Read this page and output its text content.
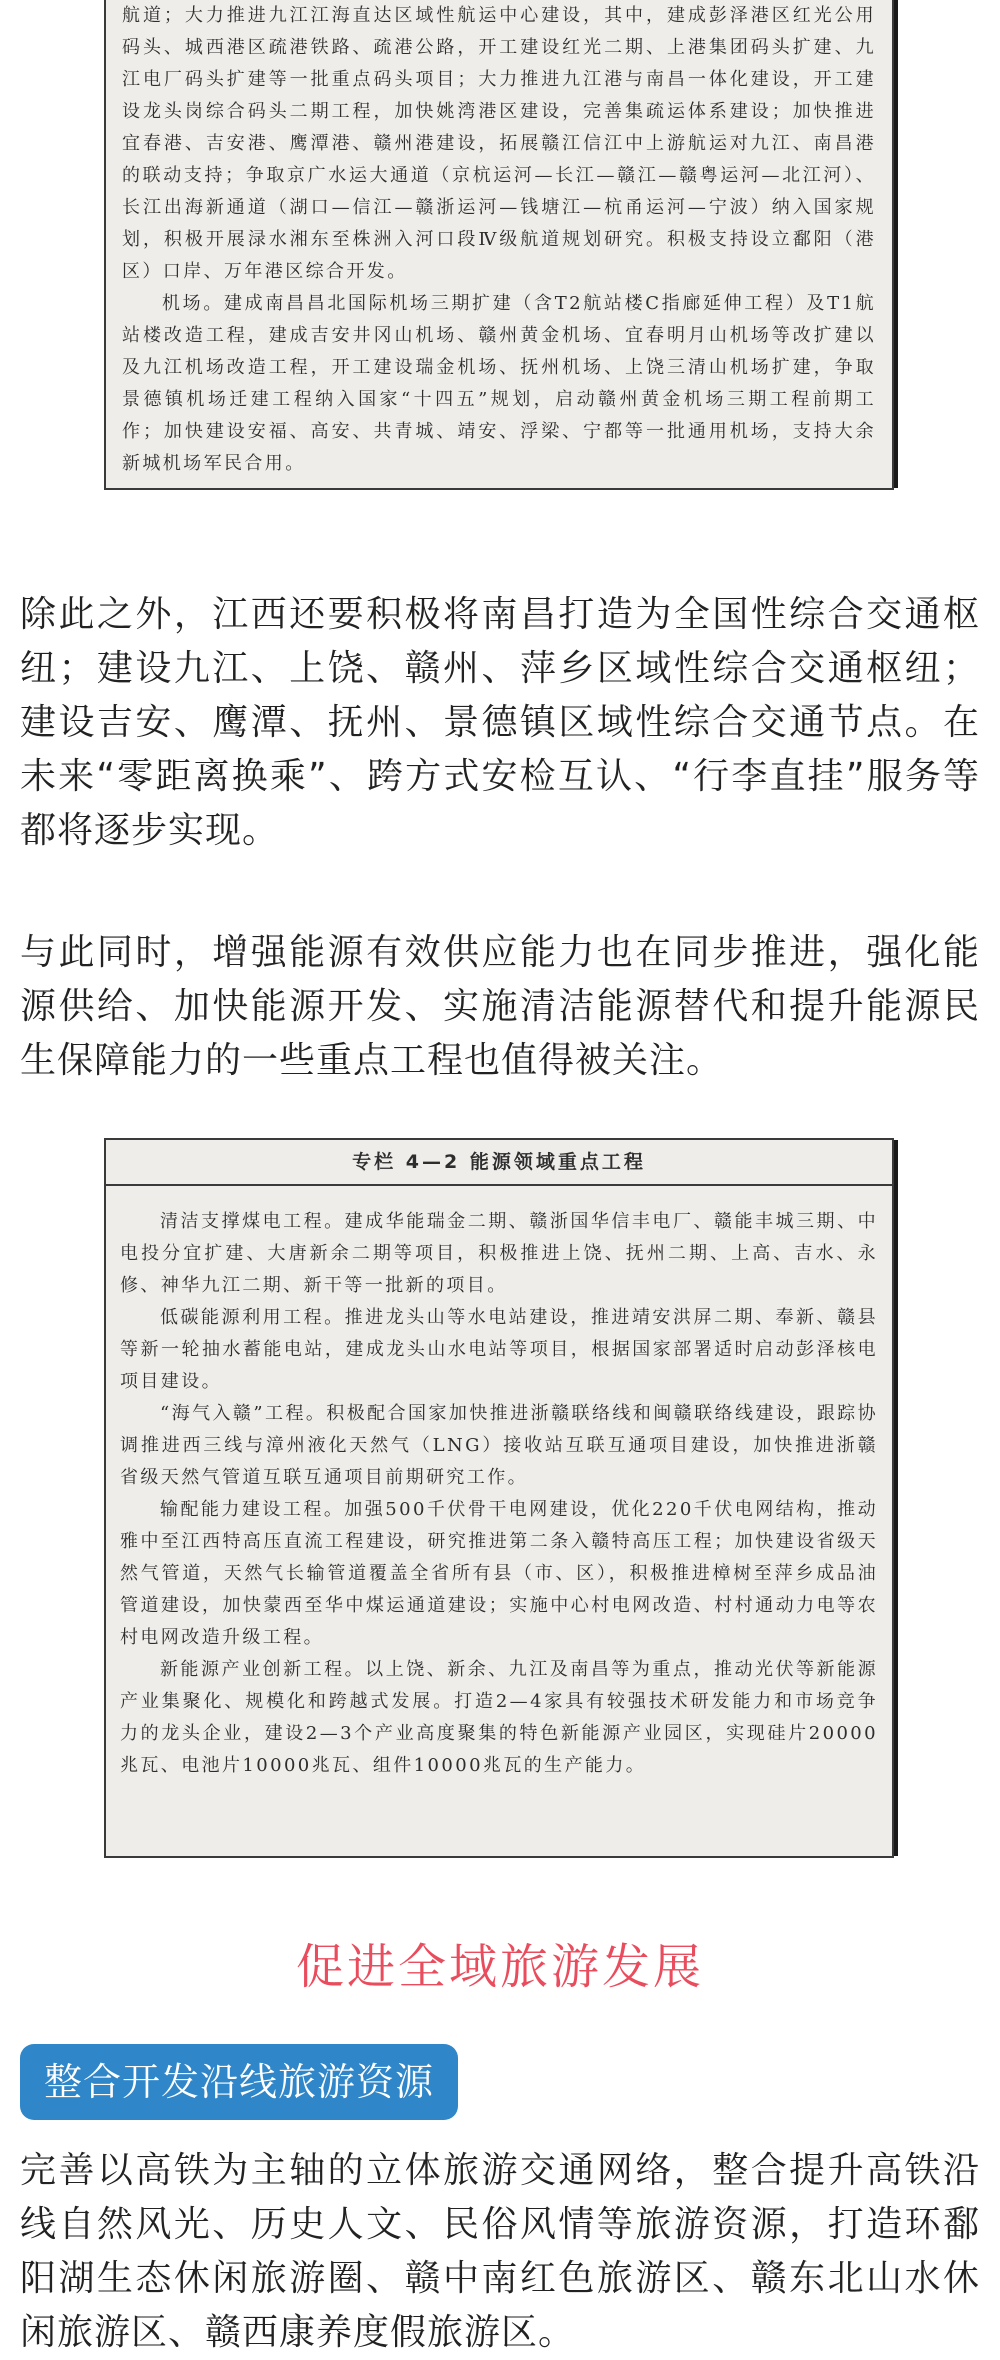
航道；大力推进九江江海直达区域性航运中心建设，其中，建成彭泽港区红光公用码头、城西港区疏港铁路、疏港公路，开工建设红光二期、上港集团码头扩建、九江电厂码头扩建等一批重点码头项目；大力推进九江港与南昌一体化建设，开工建设龙头岗综合码头二期工程，加快姚湾港区建设，完善集疏运体系建设；加快推进宜春港、吉安港、鹰潭港、赣州港建设，拓展赣江信江中上游航运对九江、南昌港的联动支持；争取京广水运大通道（京杭运河—长江—赣江—赣粤运河—北江河）、长江出海新通道（湖口—信江—赣浙运河—钱塘江—杭甬运河—宁波）纳入国家规划，积极开展渌水湘东至株洲入河口段Ⅳ级航道规划研究。积极支持设立鄱阳（港区）口岸、万年港区综合开发。

机场。建成南昌昌北国际机场三期扩建（含T2航站楼C指廊延伸工程）及T1航站楼改造工程，建成吉安井冈山机场、赣州黄金机场、宜春明月山机场等改扩建以及九江机场改造工程，开工建设瑞金机场、抚州机场、上饶三清山机场扩建，争取景德镇机场迁建工程纳入国家“十四五”规划，启动赣州黄金机场三期工程前期工作；加快建设安福、高安、共青城、靖安、浮梁、宁都等一批通用机场，支持大余新城机场军民合用。

除此之外，江西还要积极将南昌打造为全国性综合交通枢纽；建设九江、上饶、赣州、萍乡区域性综合交通枢纽；建设吉安、鹰潭、抚州、景德镇区域性综合交通节点。在未来“零距离换乘”、跨方式安检互认、“行李直挂”服务等都将逐步实现。

与此同时，增强能源有效供应能力也在同步推进，强化能源供给、加快能源开发、实施清洁能源替代和提升能源民生保障能力的一些重点工程也值得被关注。

专栏 4—2 能源领域重点工程

清洁支撑煤电工程。建成华能瑞金二期、赣浙国华信丰电厂、赣能丰城三期、中电投分宜扩建、大唐新余二期等项目，积极推进上饶、抚州二期、上高、吉水、永修、神华九江二期、新干等一批新的项目。

低碳能源利用工程。推进龙头山等水电站建设，推进靖安洪屏二期、奉新、赣县等新一轮抽水蓄能电站，建成龙头山水电站等项目，根据国家部署适时启动彭泽核电项目建设。

“海气入赣”工程。积极配合国家加快推进浙赣联络线和闽赣联络线建设，跟踪协调推进西三线与漳州液化天然气（LNG）接收站互联互通项目建设，加快推进浙赣省级天然气管道互联互通项目前期研究工作。

输配能力建设工程。加强500千伏骨干电网建设，优化220千伏电网结构，推动雅中至江西特高压直流工程建设，研究推进第二条入赣特高压工程；加快建设省级天然气管道，天然气长输管道覆盖全省所有县（市、区），积极推进樟树至萍乡成品油管道建设，加快蒙西至华中煤运通道建设；实施中心村电网改造、村村通动力电等农村电网改造升级工程。

新能源产业创新工程。以上饶、新余、九江及南昌等为重点，推动光伏等新能源产业集聚化、规模化和跨越式发展。打造2—4家具有较强技术研发能力和市场竞争力的龙头企业，建设2—3个产业高度聚集的特色新能源产业园区，实现硅片20000兆瓦、电池片10000兆瓦、组件10000兆瓦的生产能力。

促进全域旅游发展
整合开发沿线旅游资源

完善以高铁为主轴的立体旅游交通网络，整合提升高铁沿线自然风光、历史人文、民俗风情等旅游资源，打造环鄱阳湖生态休闲旅游圈、赣中南红色旅游区、赣东北山水休闲旅游区、赣西康养度假旅游区。
